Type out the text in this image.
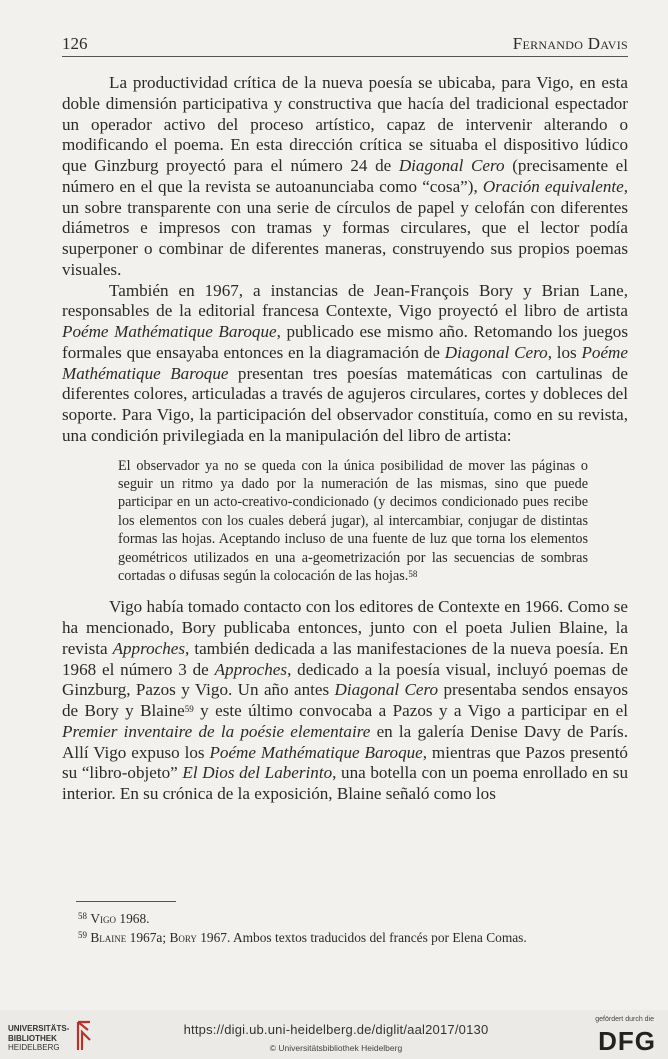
126	Fernando Davis

La productividad crítica de la nueva poesía se ubicaba, para Vigo, en esta doble dimensión participativa y constructiva que hacía del tradicional espectador un operador activo del proceso artístico, capaz de intervenir alterando o modificando el poema. En esta dirección crítica se situaba el dispositivo lúdico que Ginzburg proyectó para el número 24 de Diagonal Cero (precisamente el número en el que la revista se autoanunciaba como “cosa”), Oración equivalente, un sobre transparente con una serie de círculos de papel y celofán con diferentes diámetros e impresos con tramas y formas circulares, que el lector podía superponer o combinar de diferentes maneras, construyendo sus propios poemas visuales.

También en 1967, a instancias de Jean-François Bory y Brian Lane, responsables de la editorial francesa Contexte, Vigo proyectó el libro de artista Poéme Mathématique Baroque, publicado ese mismo año. Retomando los juegos formales que ensayaba entonces en la diagramación de Diagonal Cero, los Poéme Mathématique Baroque presentan tres poesías matemáticas con cartulinas de diferentes colores, articuladas a través de agujeros circulares, cortes y dobleces del soporte. Para Vigo, la participación del observador constituía, como en su revista, una condición privilegiada en la manipulación del libro de artista:

El observador ya no se queda con la única posibilidad de mover las páginas o seguir un ritmo ya dado por la numeración de las mismas, sino que puede participar en un acto-creativo-condicionado (y decimos condicionado pues recibe los elementos con los cuales deberá jugar), al intercambiar, conjugar de distintas formas las hojas. Aceptando incluso de una fuente de luz que torna los elementos geométricos utilizados en una a-geometrización por las secuencias de sombras cortadas o difusas según la colocación de las hojas.$^{58}$

Vigo había tomado contacto con los editores de Contexte en 1966. Como se ha mencionado, Bory publicaba entonces, junto con el poeta Julien Blaine, la revista Approches, también dedicada a las manifestaciones de la nueva poesía. En 1968 el número 3 de Approches, dedicado a la poesía visual, incluyó poemas de Ginzburg, Pazos y Vigo. Un año antes Diagonal Cero presentaba sendos ensayos de Bory y Blaine$^{59}$ y este último convocaba a Pazos y a Vigo a participar en el Premier inventaire de la poésie elementaire en la galería Denise Davy de París. Allí Vigo expuso los Poéme Mathématique Baroque, mientras que Pazos presentó su “libro-objeto” El Dios del Laberinto, una botella con un poema enrollado en su interior. En su crónica de la exposición, Blaine señaló como los

$^{58}$ Vigo 1968.
$^{59}$ Blaine 1967a; Bory 1967. Ambos textos traducidos del francés por Elena Comas.
UNIVERSITÄTS-
BIBLIOTHEK
HEIDELBERG
https://digi.ub.uni-heidelberg.de/diglit/aal2017/0130
© Universitätsbibliothek Heidelberg
gefördert durch die
DFG
